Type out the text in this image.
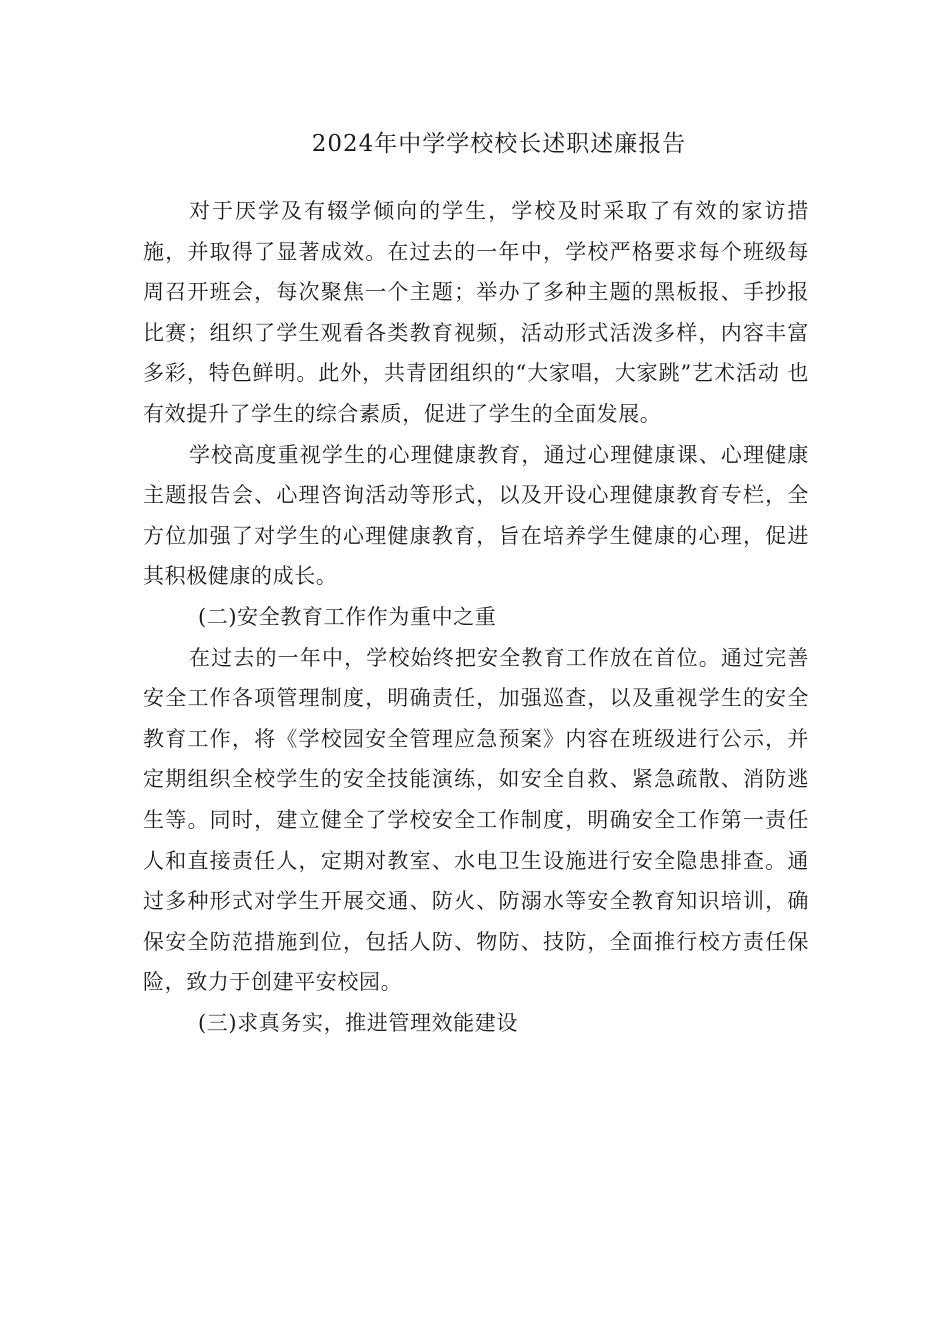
2024年中学学校校长述职述廉报告

对于厌学及有辍学倾向的学生，学校及时采取了有效的家访措施，并取得了显著成效。在过去的一年中，学校严格要求每个班级每周召开班会，每次聚焦一个主题；举办了多种主题的黑板报、手抄报比赛；组织了学生观看各类教育视频，活动形式活泼多样，内容丰富多彩，特色鲜明。此外，共青团组织的“大家唱，大家跳”艺术活动 也有效提升了学生的综合素质，促进了学生的全面发展。

学校高度重视学生的心理健康教育，通过心理健康课、心理健康主题报告会、心理咨询活动等形式，以及开设心理健康教育专栏，全方位加强了对学生的心理健康教育，旨在培养学生健康的心理，促进其积极健康的成长。

(二)安全教育工作作为重中之重

在过去的一年中，学校始终把安全教育工作放在首位。通过完善安全工作各项管理制度，明确责任，加强巡查，以及重视学生的安全教育工作，将《学校园安全管理应急预案》内容在班级进行公示，并定期组织全校学生的安全技能演练，如安全自救、紧急疏散、消防逃生等。同时，建立健全了学校安全工作制度，明确安全工作第一责任人和直接责任人，定期对教室、水电卫生设施进行安全隐患排查。通过多种形式对学生开展交通、防火、防溺水等安全教育知识培训，确保安全防范措施到位，包括人防、物防、技防，全面推行校方责任保险，致力于创建平安校园。

(三)求真务实，推进管理效能建设
